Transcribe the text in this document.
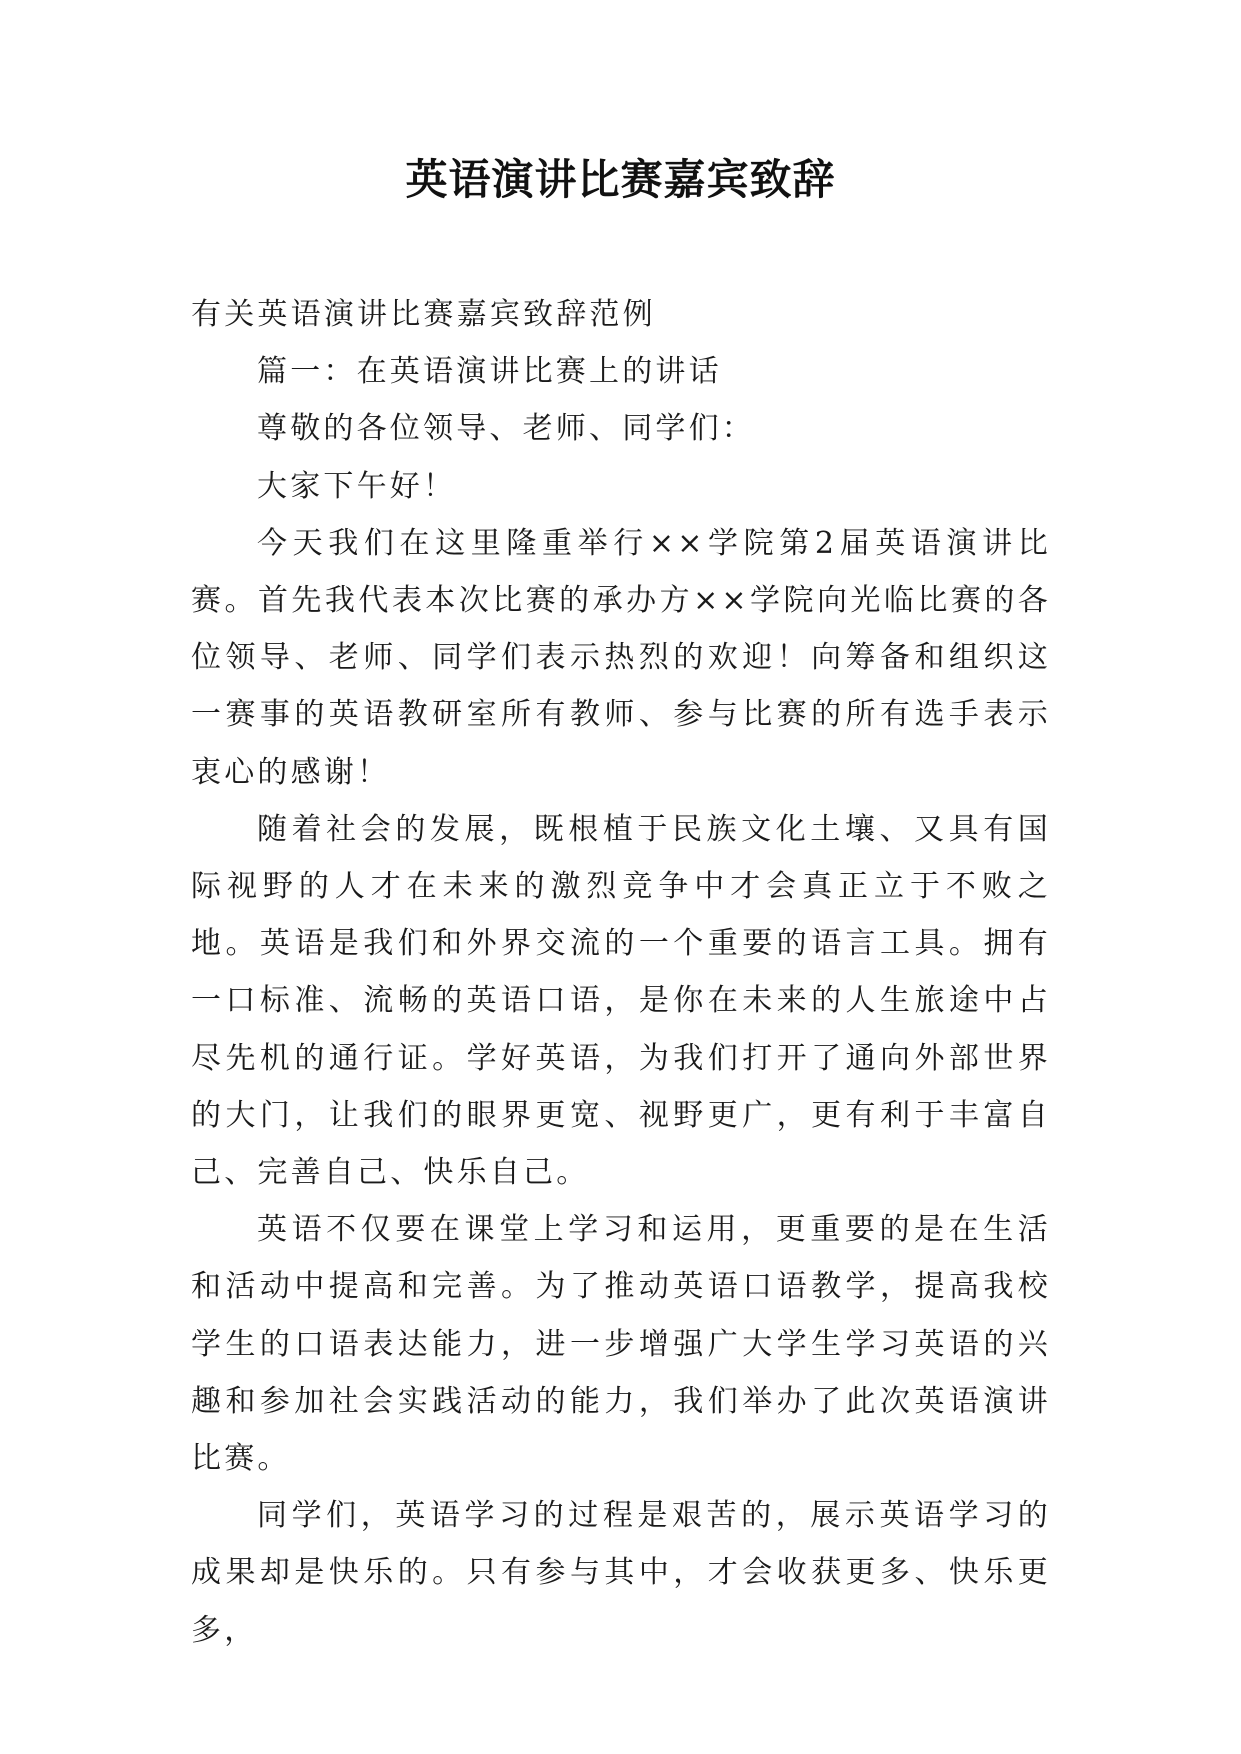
英语演讲比赛嘉宾致辞

有关英语演讲比赛嘉宾致辞范例

篇一：在英语演讲比赛上的讲话

尊敬的各位领导、老师、同学们：

大家下午好！

今天我们在这里隆重举行××学院第2届英语演讲比赛。首先我代表本次比赛的承办方××学院向光临比赛的各位领导、老师、同学们表示热烈的欢迎！向筹备和组织这一赛事的英语教研室所有教师、参与比赛的所有选手表示衷心的感谢！

随着社会的发展，既根植于民族文化土壤、又具有国际视野的人才在未来的激烈竞争中才会真正立于不败之地。英语是我们和外界交流的一个重要的语言工具。拥有一口标准、流畅的英语口语，是你在未来的人生旅途中占尽先机的通行证。学好英语，为我们打开了通向外部世界的大门，让我们的眼界更宽、视野更广，更有利于丰富自己、完善自己、快乐自己。

英语不仅要在课堂上学习和运用，更重要的是在生活和活动中提高和完善。为了推动英语口语教学，提高我校学生的口语表达能力，进一步增强广大学生学习英语的兴趣和参加社会实践活动的能力，我们举办了此次英语演讲比赛。

同学们，英语学习的过程是艰苦的，展示英语学习的成果却是快乐的。只有参与其中，才会收获更多、快乐更多，
